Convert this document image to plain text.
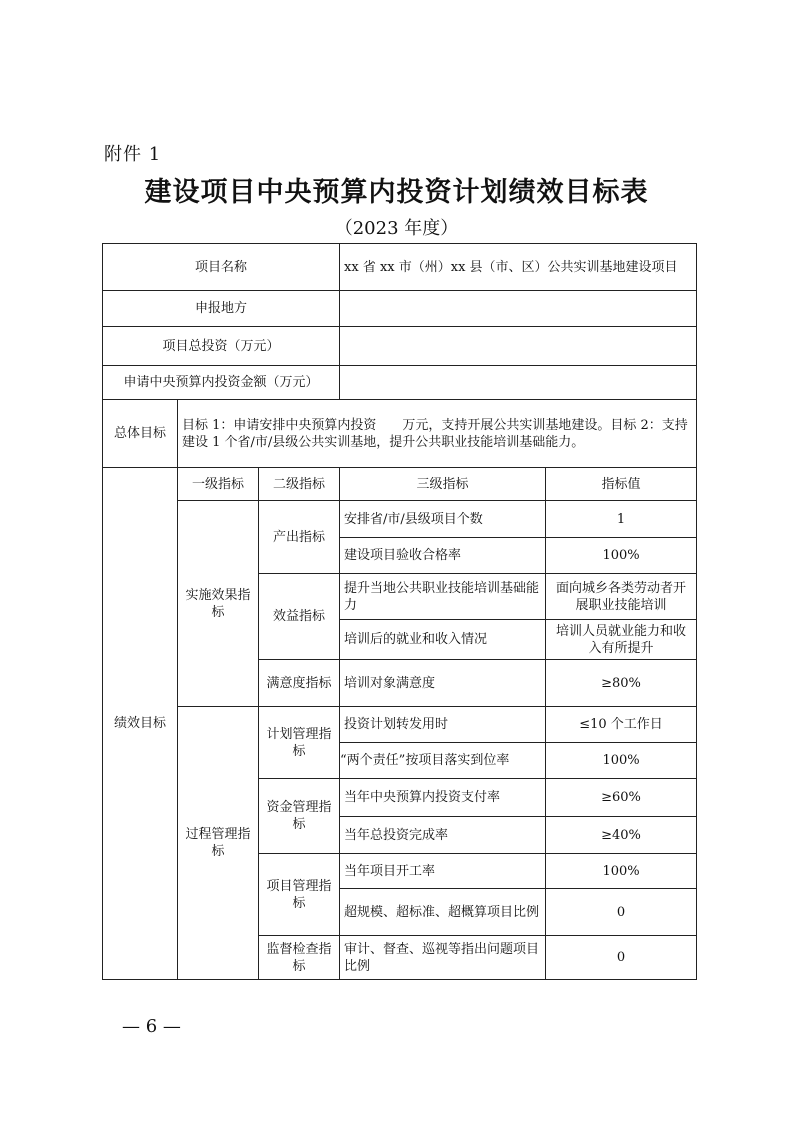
附件 1
建设项目中央预算内投资计划绩效目标表
（2023 年度）
项目名称			xx 省 xx 市（州）xx 县（市、区）公共实训基地建设项目	
申报地方				
项目总投资（万元）				
申请中央预算内投资金额（万元）				
总体目标	目标 1：申请安排中央预算内投资　　万元，支持开展公共实训基地建设。目标 2：支持建设 1 个省/市/县级公共实训基地，提升公共职业技能培训基础能力。			
绩效目标	一级指标	二级指标	三级指标	指标值
	实施效果指标	产出指标	安排省/市/县级项目个数	1
			建设项目验收合格率	100%
		效益指标	提升当地公共职业技能培训基础能力	面向城乡各类劳动者开展职业技能培训
			培训后的就业和收入情况	培训人员就业能力和收入有所提升
		满意度指标	培训对象满意度	≥80%
	过程管理指标	计划管理指标	投资计划转发用时	≤10 个工作日
			“两个责任”按项目落实到位率	100%
		资金管理指标	当年中央预算内投资支付率	≥60%
			当年总投资完成率	≥40%
		项目管理指标	当年项目开工率	100%
			超规模、超标准、超概算项目比例	0
		监督检查指标	审计、督查、巡视等指出问题项目比例	0
— 6 —
